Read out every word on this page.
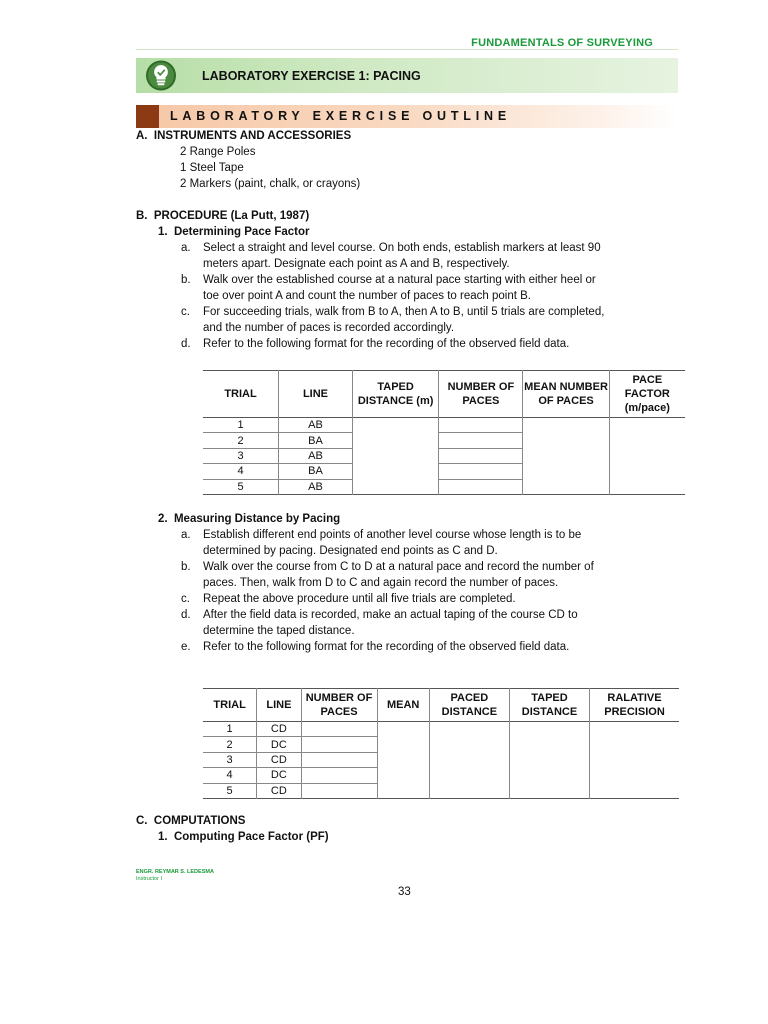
FUNDAMENTALS OF SURVEYING
LABORATORY EXERCISE 1: PACING
LABORATORY EXERCISE OUTLINE
A.  INSTRUMENTS AND ACCESSORIES
2 Range Poles
1 Steel Tape
2 Markers (paint, chalk, or crayons)
B.  PROCEDURE (La Putt, 1987)
1.  Determining Pace Factor
a. Select a straight and level course. On both ends, establish markers at least 90
meters apart. Designate each point as A and B, respectively.
b. Walk over the established course at a natural pace starting with either heel or
toe over point A and count the number of paces to reach point B.
c. For succeeding trials, walk from B to A, then A to B, until 5 trials are completed,
and the number of paces is recorded accordingly.
d. Refer to the following format for the recording of the observed field data.
TRIAL	LINE	TAPED DISTANCE (m)	NUMBER OF PACES	MEAN NUMBER OF PACES	PACE FACTOR (m/pace)
1	AB				
2	BA				
3	AB				
4	BA				
5	AB				
2.  Measuring Distance by Pacing
a. Establish different end points of another level course whose length is to be
determined by pacing. Designated end points as C and D.
b. Walk over the course from C to D at a natural pace and record the number of
paces. Then, walk from D to C and again record the number of paces.
c. Repeat the above procedure until all five trials are completed.
d. After the field data is recorded, make an actual taping of the course CD to
determine the taped distance.
e. Refer to the following format for the recording of the observed field data.
TRIAL	LINE	NUMBER OF PACES	MEAN	PACED DISTANCE	TAPED DISTANCE	RALATIVE PRECISION
1	CD					
2	DC					
3	CD					
4	DC					
5	CD					
C.  COMPUTATIONS
1.  Computing Pace Factor (PF)
ENGR. REYMAR S. LEDESMA
Instructor I
33
